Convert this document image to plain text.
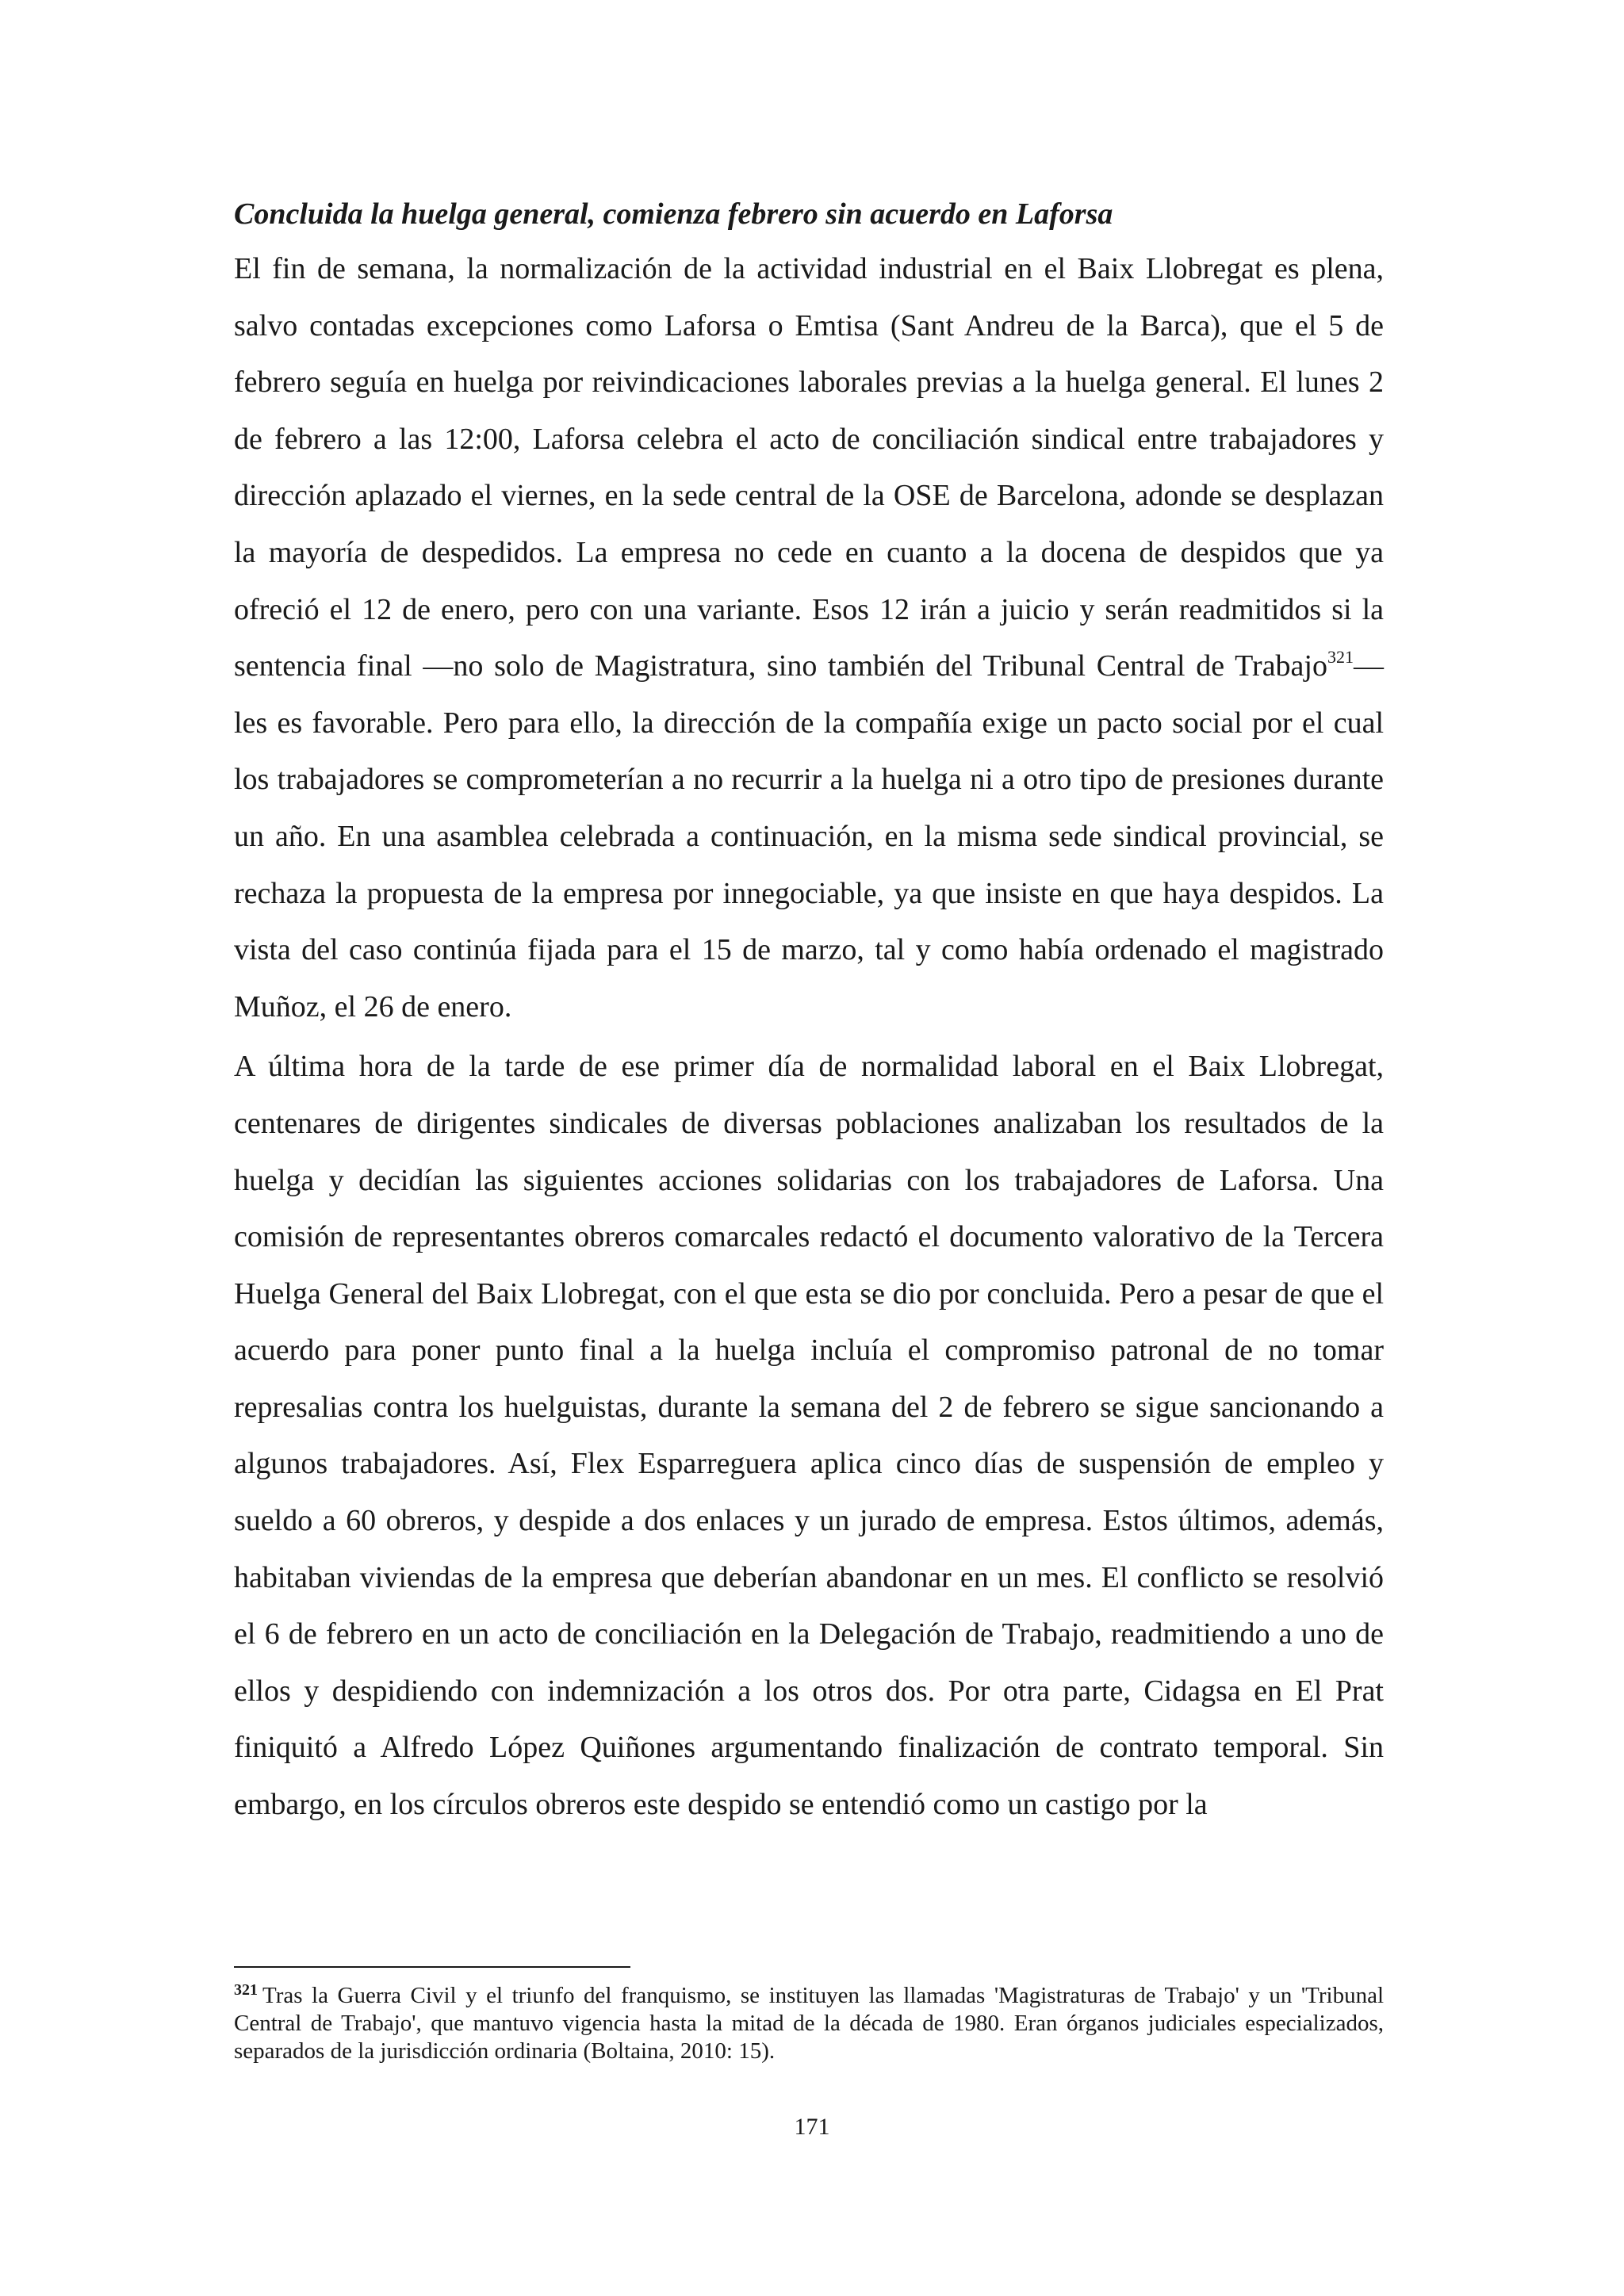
Concluida la huelga general, comienza febrero sin acuerdo en Laforsa

El fin de semana, la normalización de la actividad industrial en el Baix Llobregat es plena, salvo contadas excepciones como Laforsa o Emtisa (Sant Andreu de la Barca), que el 5 de febrero seguía en huelga por reivindicaciones laborales previas a la huelga general. El lunes 2 de febrero a las 12:00, Laforsa celebra el acto de conciliación sindical entre trabajadores y dirección aplazado el viernes, en la sede central de la OSE de Barcelona, adonde se desplazan la mayoría de despedidos. La empresa no cede en cuanto a la docena de despidos que ya ofreció el 12 de enero, pero con una variante. Esos 12 irán a juicio y serán readmitidos si la sentencia final —no solo de Magistratura, sino también del Tribunal Central de Trabajo$^{321}$— les es favorable. Pero para ello, la dirección de la compañía exige un pacto social por el cual los trabajadores se comprometerían a no recurrir a la huelga ni a otro tipo de presiones durante un año. En una asamblea celebrada a continuación, en la misma sede sindical provincial, se rechaza la propuesta de la empresa por innegociable, ya que insiste en que haya despidos. La vista del caso continúa fijada para el 15 de marzo, tal y como había ordenado el magistrado Muñoz, el 26 de enero.

A última hora de la tarde de ese primer día de normalidad laboral en el Baix Llobregat, centenares de dirigentes sindicales de diversas poblaciones analizaban los resultados de la huelga y decidían las siguientes acciones solidarias con los trabajadores de Laforsa. Una comisión de representantes obreros comarcales redactó el documento valorativo de la Tercera Huelga General del Baix Llobregat, con el que esta se dio por concluida. Pero a pesar de que el acuerdo para poner punto final a la huelga incluía el compromiso patronal de no tomar represalias contra los huelguistas, durante la semana del 2 de febrero se sigue sancionando a algunos trabajadores. Así, Flex Esparreguera aplica cinco días de suspensión de empleo y sueldo a 60 obreros, y despide a dos enlaces y un jurado de empresa. Estos últimos, además, habitaban viviendas de la empresa que deberían abandonar en un mes. El conflicto se resolvió el 6 de febrero en un acto de conciliación en la Delegación de Trabajo, readmitiendo a uno de ellos y despidiendo con indemnización a los otros dos. Por otra parte, Cidagsa en El Prat finiquitó a Alfredo López Quiñones argumentando finalización de contrato temporal. Sin embargo, en los círculos obreros este despido se entendió como un castigo por la

$^{321}$ Tras la Guerra Civil y el triunfo del franquismo, se instituyen las llamadas 'Magistraturas de Trabajo' y un 'Tribunal Central de Trabajo', que mantuvo vigencia hasta la mitad de la década de 1980. Eran órganos judiciales especializados, separados de la jurisdicción ordinaria (Boltaina, 2010: 15).

171
